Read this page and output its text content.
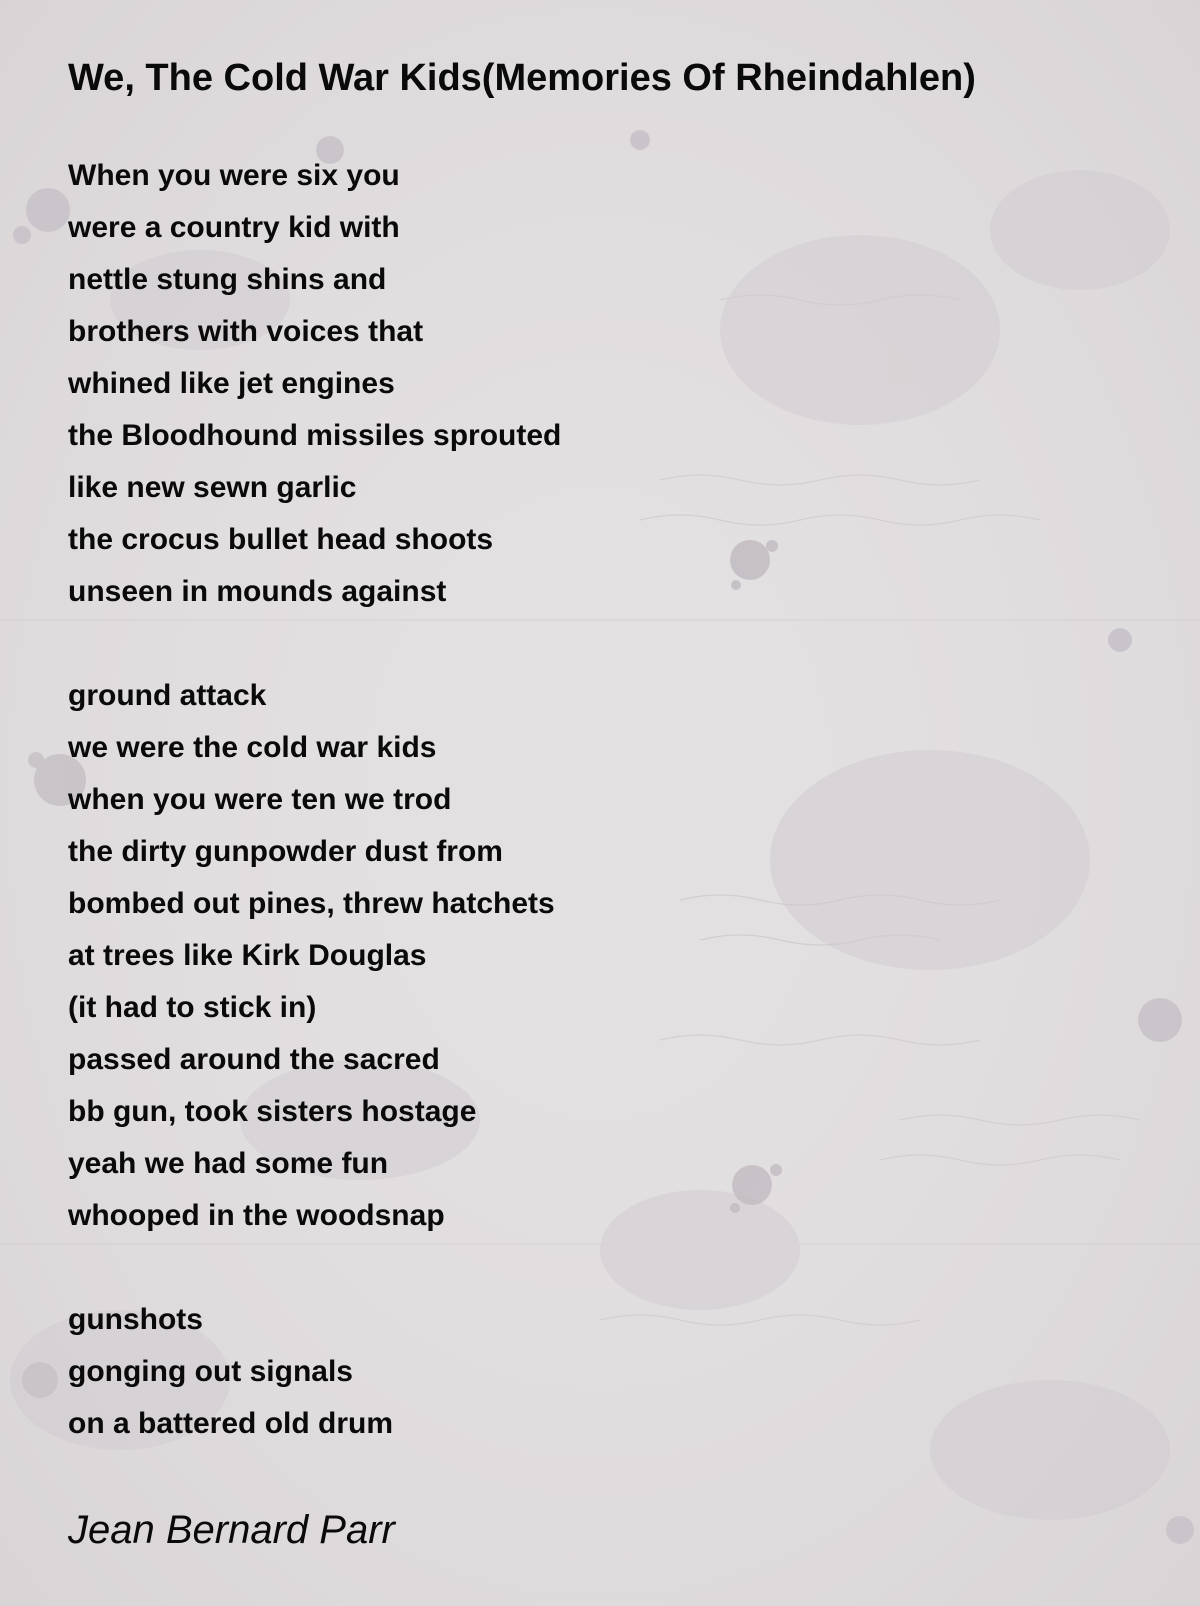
We, The Cold War Kids(Memories Of Rheindahlen)
When you were six you
were a country kid with
nettle stung shins and
brothers with voices that
whined like jet engines
the Bloodhound missiles sprouted
like new sewn garlic
the crocus bullet head shoots
unseen in mounds against
ground attack
we were the cold war kids
when you were ten we trod
the dirty gunpowder dust from
bombed out pines, threw hatchets
at trees like Kirk Douglas
(it had to stick in)
passed around the sacred
bb gun, took sisters hostage
yeah we had some fun
whooped in the woodsnap
gunshots
gonging out signals
on a battered old drum
Jean Bernard Parr
